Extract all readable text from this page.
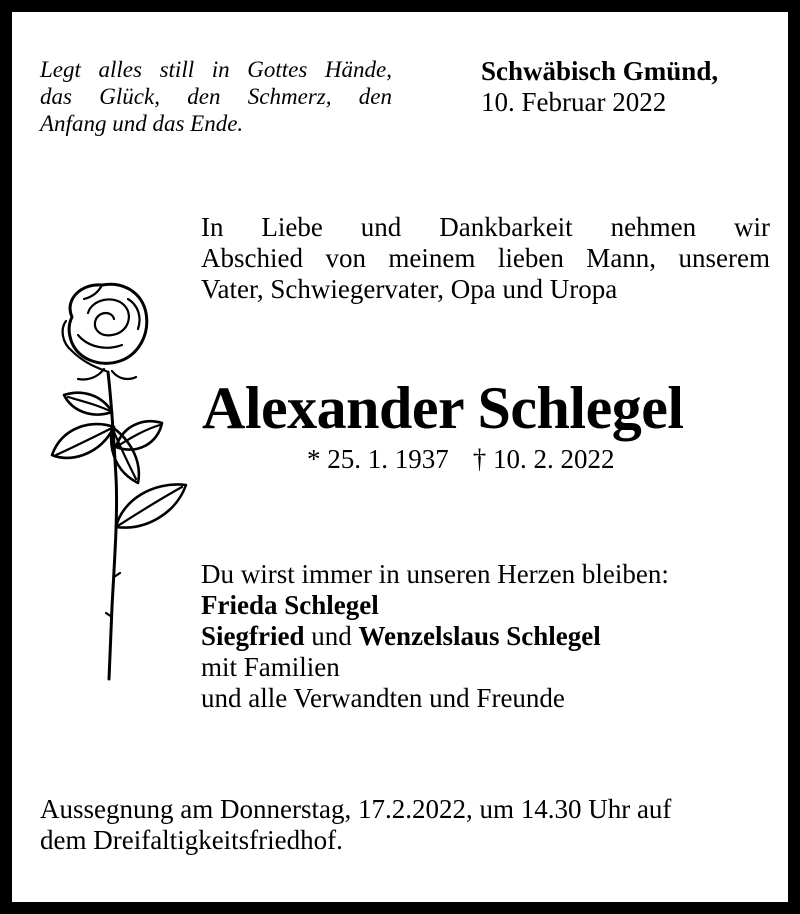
Legt alles still in Gottes Hände,
das Glück, den Schmerz, den
Anfang und das Ende.
Schwäbisch Gmünd,
10. Februar 2022
In Liebe und Dankbarkeit nehmen wir
Abschied von meinem lieben Mann, unserem
Vater, Schwiegervater, Opa und Uropa
Alexander Schlegel
* 25. 1. 1937 † 10. 2. 2022
Du wirst immer in unseren Herzen bleiben:
Frieda Schlegel
Siegfried und Wenzelslaus Schlegel
mit Familien
und alle Verwandten und Freunde
Aussegnung am Donnerstag, 17.2.2022, um 14.30 Uhr auf
dem Dreifaltigkeitsfriedhof.
